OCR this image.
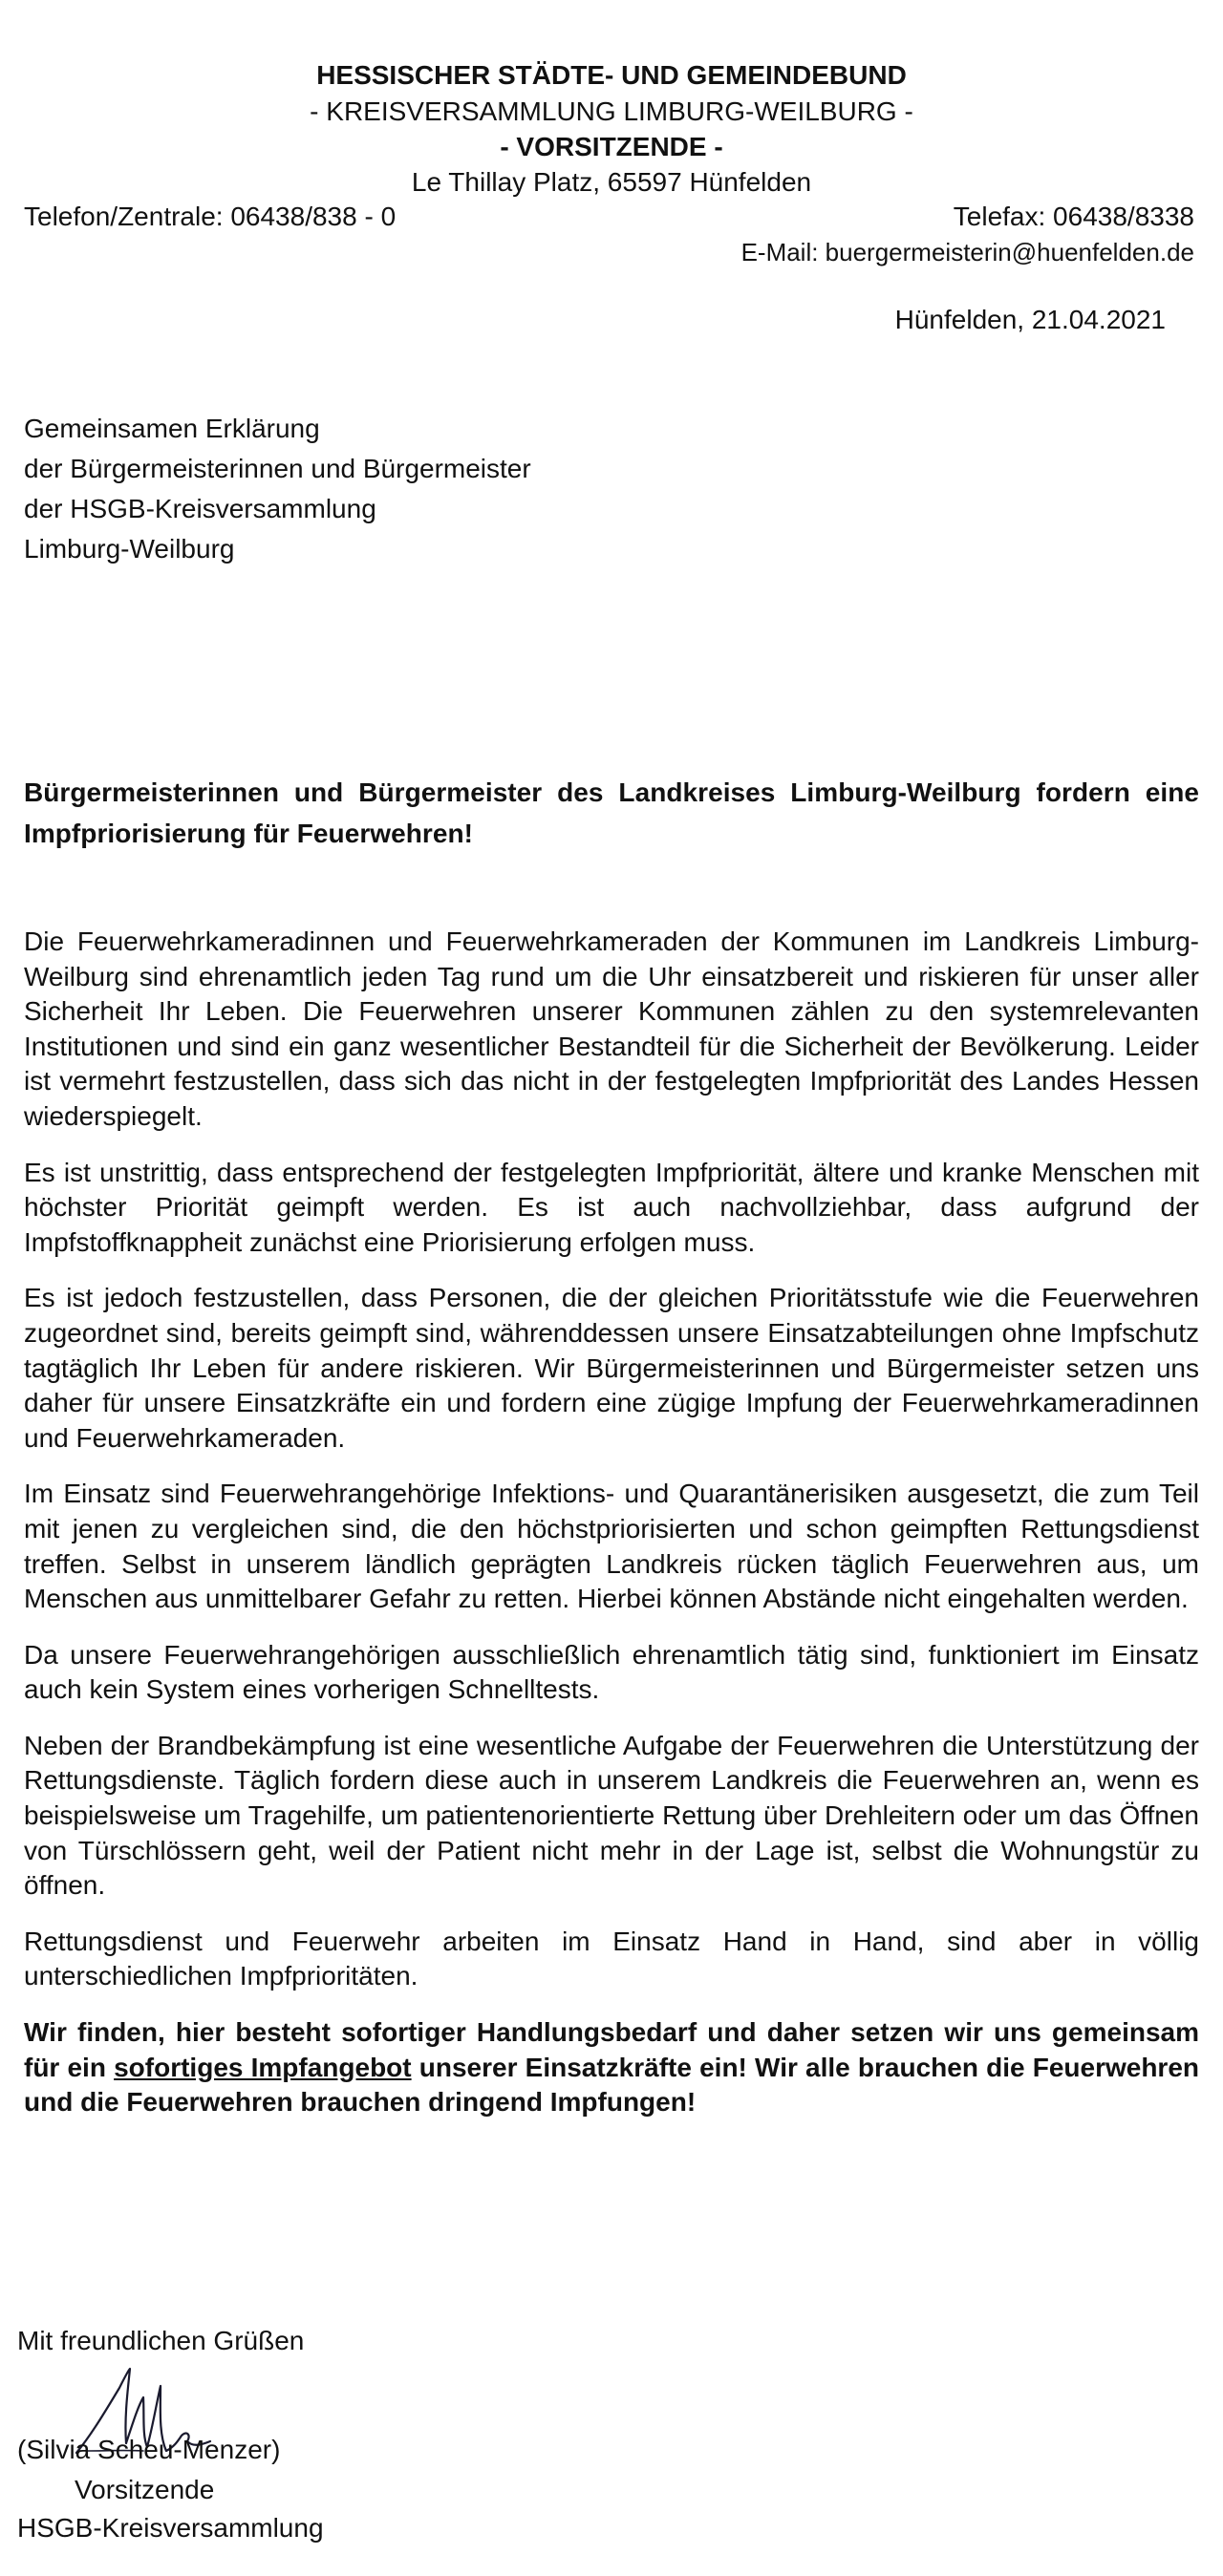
HESSISCHER STÄDTE- UND GEMEINDEBUND
- KREISVERSAMMLUNG LIMBURG-WEILBURG -
- VORSITZENDE -
Le Thillay Platz, 65597 Hünfelden
Telefon/Zentrale: 06438/838 - 0	Telefax: 06438/8338
E-Mail: buergermeisterin@huenfelden.de
Hünfelden, 21.04.2021
Gemeinsamen Erklärung
der Bürgermeisterinnen und Bürgermeister
der HSGB-Kreisversammlung
Limburg-Weilburg
Bürgermeisterinnen und Bürgermeister des Landkreises Limburg-Weilburg fordern eine Impfpriorisierung für Feuerwehren!

Die Feuerwehrkameradinnen und Feuerwehrkameraden der Kommunen im Landkreis Limburg-Weilburg sind ehrenamtlich jeden Tag rund um die Uhr einsatzbereit und riskieren für unser aller Sicherheit Ihr Leben. Die Feuerwehren unserer Kommunen zählen zu den systemrelevanten Institutionen und sind ein ganz wesentlicher Bestandteil für die Sicherheit der Bevölkerung. Leider ist vermehrt festzustellen, dass sich das nicht in der festgelegten Impfpriorität des Landes Hessen wiederspiegelt.

Es ist unstrittig, dass entsprechend der festgelegten Impfpriorität, ältere und kranke Menschen mit höchster Priorität geimpft werden. Es ist auch nachvollziehbar, dass aufgrund der Impfstoffknappheit zunächst eine Priorisierung erfolgen muss.

Es ist jedoch festzustellen, dass Personen, die der gleichen Prioritätsstufe wie die Feuerwehren zugeordnet sind, bereits geimpft sind, währenddessen unsere Einsatzabteilungen ohne Impfschutz tagtäglich Ihr Leben für andere riskieren. Wir Bürgermeisterinnen und Bürgermeister setzen uns daher für unsere Einsatzkräfte ein und fordern eine zügige Impfung der Feuerwehrkameradinnen und Feuerwehrkameraden.

Im Einsatz sind Feuerwehrangehörige Infektions- und Quarantänerisiken ausgesetzt, die zum Teil mit jenen zu vergleichen sind, die den höchstpriorisierten und schon geimpften Rettungsdienst treffen. Selbst in unserem ländlich geprägten Landkreis rücken täglich Feuerwehren aus, um Menschen aus unmittelbarer Gefahr zu retten. Hierbei können Abstände nicht eingehalten werden.

Da unsere Feuerwehrangehörigen ausschließlich ehrenamtlich tätig sind, funktioniert im Einsatz auch kein System eines vorherigen Schnelltests.

Neben der Brandbekämpfung ist eine wesentliche Aufgabe der Feuerwehren die Unterstützung der Rettungsdienste. Täglich fordern diese auch in unserem Landkreis die Feuerwehren an, wenn es beispielsweise um Tragehilfe, um patientenorientierte Rettung über Drehleitern oder um das Öffnen von Türschlössern geht, weil der Patient nicht mehr in der Lage ist, selbst die Wohnungstür zu öffnen.

Rettungsdienst und Feuerwehr arbeiten im Einsatz Hand in Hand, sind aber in völlig unterschiedlichen Impfprioritäten.

Wir finden, hier besteht sofortiger Handlungsbedarf und daher setzen wir uns gemeinsam für ein sofortiges Impfangebot unserer Einsatzkräfte ein! Wir alle brauchen die Feuerwehren und die Feuerwehren brauchen dringend Impfungen!

Mit freundlichen Grüßen
(Silvia Scheu-Menzer)
Vorsitzende
HSGB-Kreisversammlung
